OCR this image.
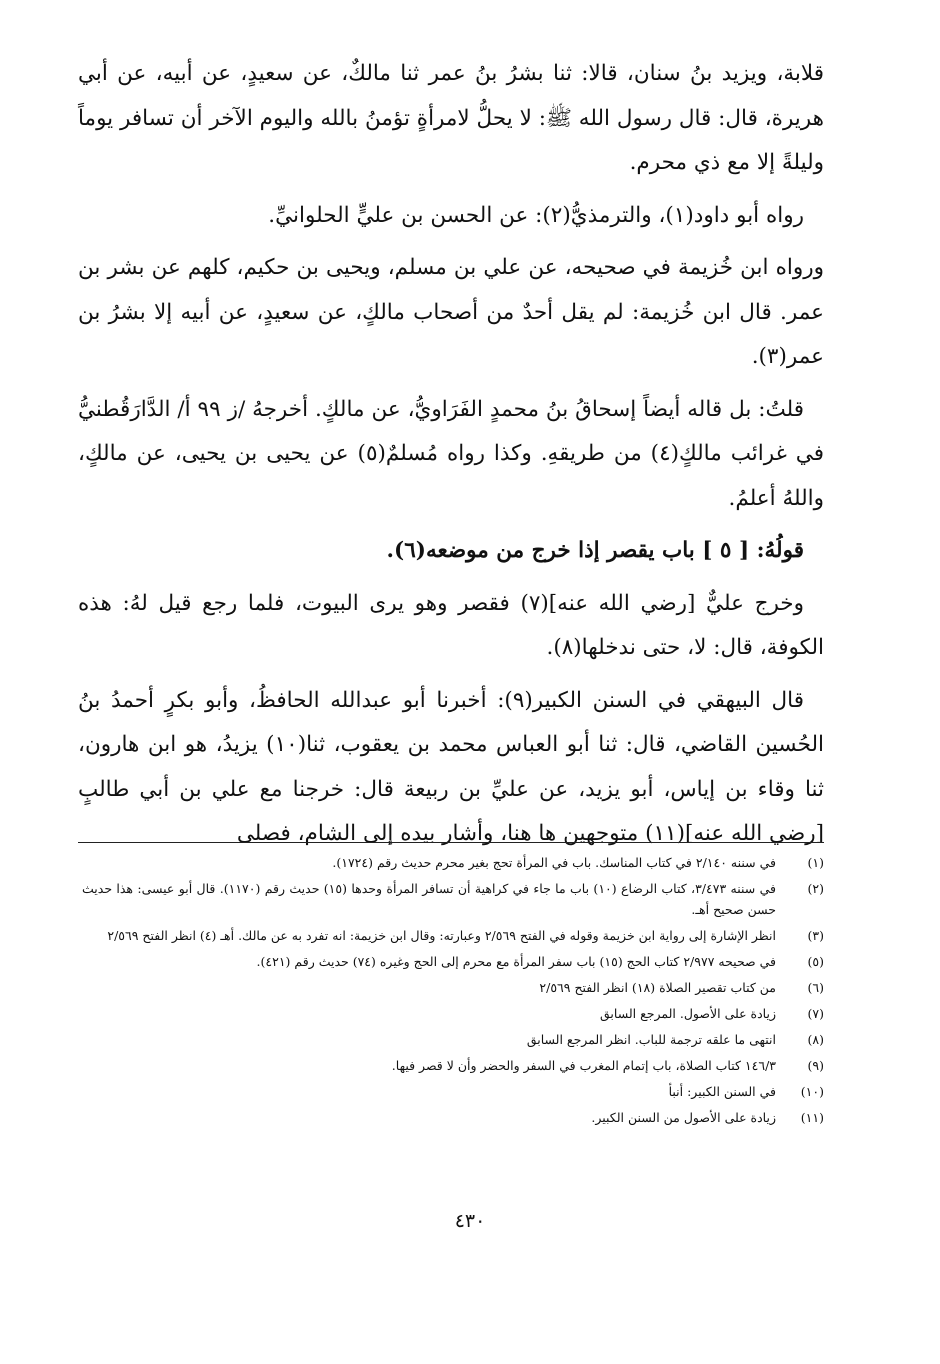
قلابة، ويزيد بنُ سنان، قالا: ثنا بشرُ بنُ عمر ثنا مالكٌ، عن سعيدٍ، عن أبيه، عن أبي هريرة، قال: قال رسول الله ﷺ: لا يحلُّ لامرأةٍ تؤمنُ بالله واليوم الآخر أن تسافر يوماً وليلةً إلا مع ذي محرم.

رواه أبو داود(١)، والترمذيُّ(٢): عن الحسن بن عليٍّ الحلوانيِّ.

ورواه ابن خُزيمة في صحيحه، عن علي بن مسلم، ويحيى بن حكيم، كلهم عن بشر بن عمر. قال ابن خُزيمة: لم يقل أحدٌ من أصحاب مالكٍ، عن سعيدٍ، عن أبيه إلا بشرُ بن عمر(٣).

قلتُ: بل قاله أيضاً إسحاقُ بنُ محمدٍ الفَرَاويُّ، عن مالكٍ. أخرجهُ /ز ٩٩ أ/ الدَّارَقُطنيُّ في غرائب مالكٍ(٤) من طريقهِ. وكذا رواه مُسلمٌ(٥) عن يحيى بن يحيى، عن مالكٍ، واللهُ أعلمُ.

قولُهُ: [ ٥ ] باب يقصر إذا خرج من موضعه(٦).

وخرج عليٌّ [رضي الله عنه](٧) فقصر وهو يرى البيوت، فلما رجع قيل لهُ: هذه الكوفة، قال: لا، حتى ندخلها(٨).

قال البيهقي في السنن الكبير(٩): أخبرنا أبو عبدالله الحافظُ، وأبو بكرٍ أحمدُ بنُ الحُسين القاضي، قال: ثنا أبو العباس محمد بن يعقوب، ثنا(١٠) يزيدُ، هو ابن هارون، ثنا وقاء بن إياس، أبو يزيد، عن عليِّ بن ربيعة قال: خرجنا مع علي بن أبي طالبٍ [رضي الله عنه](١١) متوجهين ها هنا، وأشار بيده إلى الشام، فصلى

(١)
في سننه ٢/١٤٠ في كتاب المناسك. باب في المرأة تحج بغير محرم حديث رقم (١٧٢٤).
(٢)
في سننه ٣/٤٧٣، كتاب الرضاع (١٠) باب ما جاء في كراهية أن تسافر المرأة وحدها (١٥) حديث رقم (١١٧٠). قال أبو عيسى: هذا حديث حسن صحيح أهـ.
(٣)
انظر الإشارة إلى رواية ابن خزيمة وقوله في الفتح ٢/٥٦٩ وعبارته: وقال ابن خزيمة: انه تفرد به عن مالك. أهـ (٤) انظر الفتح ٢/٥٦٩
(٥)
في صحيحه ٢/٩٧٧ كتاب الحج (١٥) باب سفر المرأة مع محرم إلى الحج وغيره (٧٤) حديث رقم (٤٢١).
(٦)
من كتاب تقصير الصلاة (١٨) انظر الفتح ٢/٥٦٩
(٧)
زيادة على الأصول. المرجع السابق
(٨)
انتهى ما علقه ترجمة للباب. انظر المرجع السابق
(٩)
١٤٦/٣ كتاب الصلاة، باب إتمام المغرب في السفر والحضر وأن لا قصر فيها.
(١٠)
في السنن الكبير: أنبأ
(١١)
زيادة على الأصول من السنن الكبير.
٤٣٠
